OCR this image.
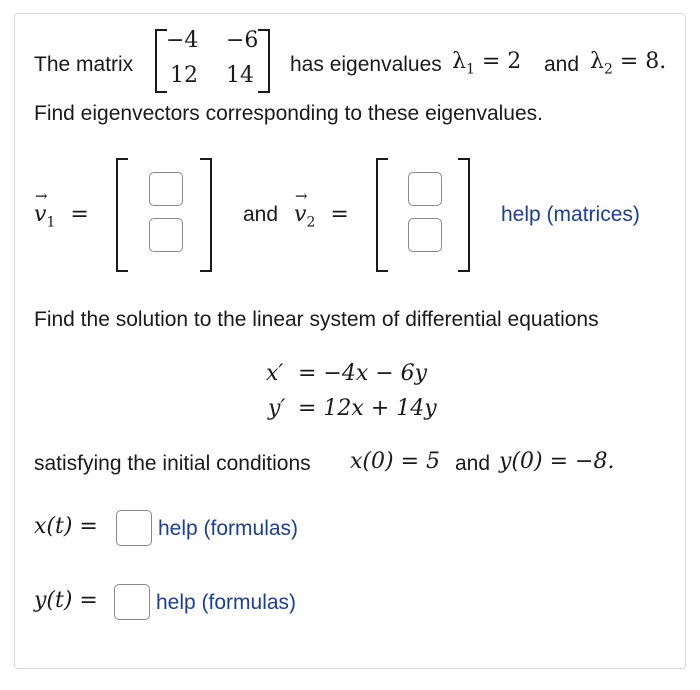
The matrix
−4 −6
12 14 has eigenvalues $\lambda_1 = 2$ and $\lambda_2 = 8$.
Find eigenvectors corresponding to these eigenvalues.
→ $v_1$ =	and
→ $v_2$ =	help (matrices)
Find the solution to the linear system of differential equations
x′ = −4x − 6y
y′ = 12x + 14y
satisfying the initial conditions x(0) = 5 and y(0) = −8.
x(t) =	help (formulas)
y(t) =	help (formulas)
